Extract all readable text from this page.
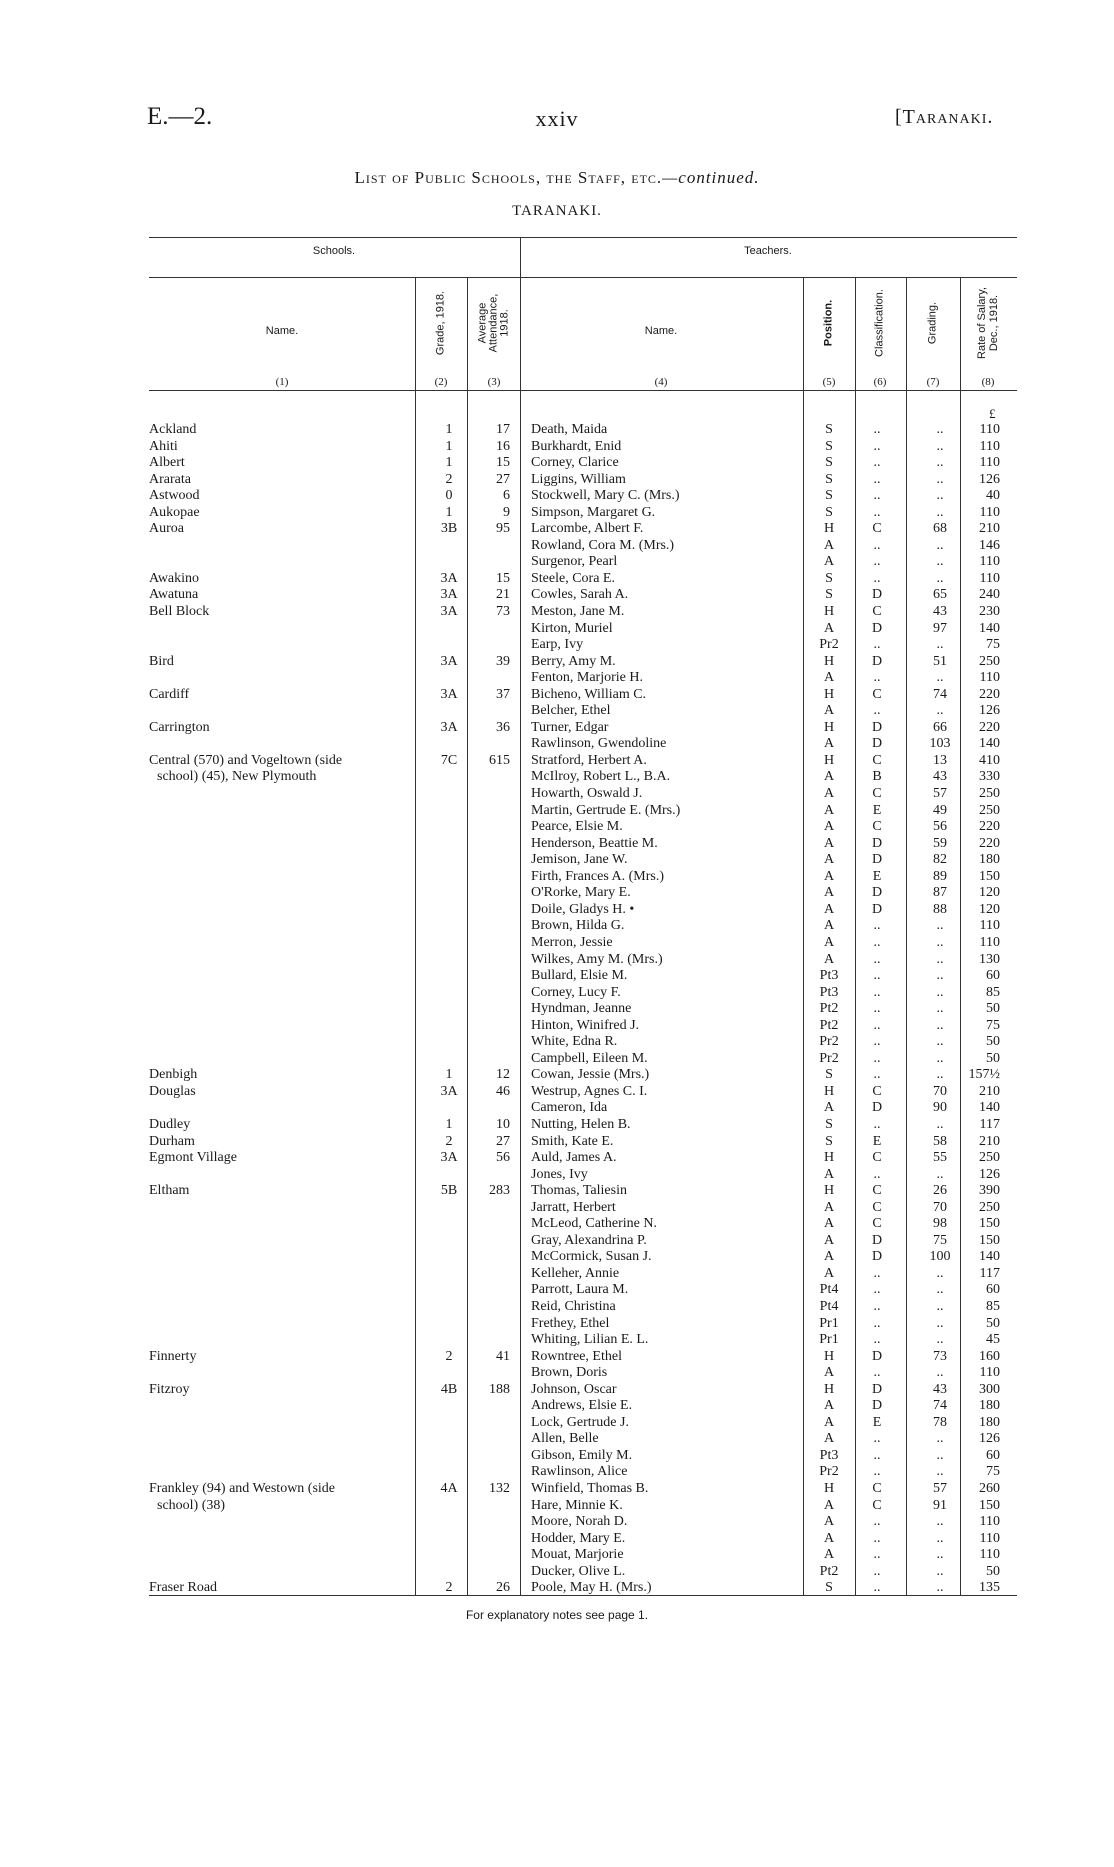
E.—2.	xxiv	[Taranaki.
List of Public Schools, the Staff, etc.—continued.
TARANAKI.
Schools.	Teachers.
Name.	Grade, 1918.	Average Attendance, 1918.	Name.	Position.	Classification.	Grading.	Rate of Salary, Dec., 1918.
(1)	(2)	(3)	(4)	(5)	(6)	(7)	(8)
£
Ackland	1	17 Death, Maida	S	..	..	110
Ahiti	1	16 Burkhardt, Enid	S	..	..	110
Albert	1	15 Corney, Clarice	S	..	..	110
Ararata	2	27 Liggins, William	S	..	..	126
Astwood	0	6 Stockwell, Mary C. (Mrs.)	S	..	..	40
Aukopae	1	9 Simpson, Margaret G.	S	..	..	110
Auroa	3B	95 Larcombe, Albert F.	H	C	68 210
Rowland, Cora M. (Mrs.)	A	..	..	146
Surgenor, Pearl	A	..	..	110
Awakino	3A	15 Steele, Cora E.	S	..	..	110
Awatuna	3A	21 Cowles, Sarah A.	S	D	65 240
Bell Block	3A	73 Meston, Jane M.	H	C	43 230
Kirton, Muriel	A	D	97 140
Earp, Ivy	Pr2 ..	..	75
Bird	3A	39 Berry, Amy M.	H	D	51 250
Fenton, Marjorie H.	A	..	..	110
Cardiff	3A	37 Bicheno, William C.	H	C	74 220
Belcher, Ethel	A	..	..	126
Carrington	3A	36 Turner, Edgar	H	D	66 220
Rawlinson, Gwendoline	A	D	103 140
Central (570) and Vogeltown (side	7C 615 Stratford, Herbert A.	H	C	13 410
school) (45), New Plymouth	McIlroy, Robert L., B.A.	A	B	43 330
Howarth, Oswald J.	A	C	57 250
Martin, Gertrude E. (Mrs.)	A	E	49 250
Pearce, Elsie M.	A	C	56 220
Henderson, Beattie M.	A	D	59 220
Jemison, Jane W.	A	D	82 180
Firth, Frances A. (Mrs.)	A	E	89 150
O'Rorke, Mary E.	A	D	87 120
Doile, Gladys H. •	A	D	88 120
Brown, Hilda G.	A	..	..	110
Merron, Jessie	A	..	..	110
Wilkes, Amy M. (Mrs.)	A	..	..	130
Bullard, Elsie M.	Pt3	..	..	60
Corney, Lucy F.	Pt3	..	..	85
Hyndman, Jeanne	Pt2	..	..	50
Hinton, Winifred J.	Pt2	..	..	75
White, Edna R.	Pr2 ..	..	50
Campbell, Eileen M.	Pr2 ..	..	50
Denbigh	1	12 Cowan, Jessie (Mrs.)	S	..	.. 157½
Douglas	3A	46 Westrup, Agnes C. I.	H	C	70 210
Cameron, Ida	A	D	90 140
Dudley	1	10 Nutting, Helen B.	S	..	..	117
Durham	2	27 Smith, Kate E.	S	E	58 210
Egmont Village	3A	56 Auld, James A.	H	C	55 250
Jones, Ivy	A	..	..	126
Eltham	5B 283 Thomas, Taliesin	H	C	26 390
Jarratt, Herbert	A	C	70 250
McLeod, Catherine N.	A	C	98 150
Gray, Alexandrina P.	A	D	75 150
McCormick, Susan J.	A	D	100 140
Kelleher, Annie	A	..	..	117
Parrott, Laura M.	Pt4	..	..	60
Reid, Christina	Pt4	..	..	85
Frethey, Ethel	Pr1 ..	..	50
Whiting, Lilian E. L.	Pr1 ..	..	45
Finnerty	2	41 Rowntree, Ethel	H	D	73 160
Brown, Doris	A	..	..	110
Fitzroy	4B 188 Johnson, Oscar	H	D	43 300
Andrews, Elsie E.	A	D	74 180
Lock, Gertrude J.	A	E	78 180
Allen, Belle	A	..	..	126
Gibson, Emily M.	Pt3	..	..	60
Rawlinson, Alice	Pr2 ..	..	75
Frankley (94) and Westown (side	4A 132 Winfield, Thomas B.	H	C	57 260
school) (38)	Hare, Minnie K.	A	C	91 150
Moore, Norah D.	A	..	..	110
Hodder, Mary E.	A	..	..	110
Mouat, Marjorie	A	..	..	110
Ducker, Olive L.	Pt2	..	..	50
Fraser Road	2	26 Poole, May H. (Mrs.)	S	..	..	135
For explanatory notes see page 1.
